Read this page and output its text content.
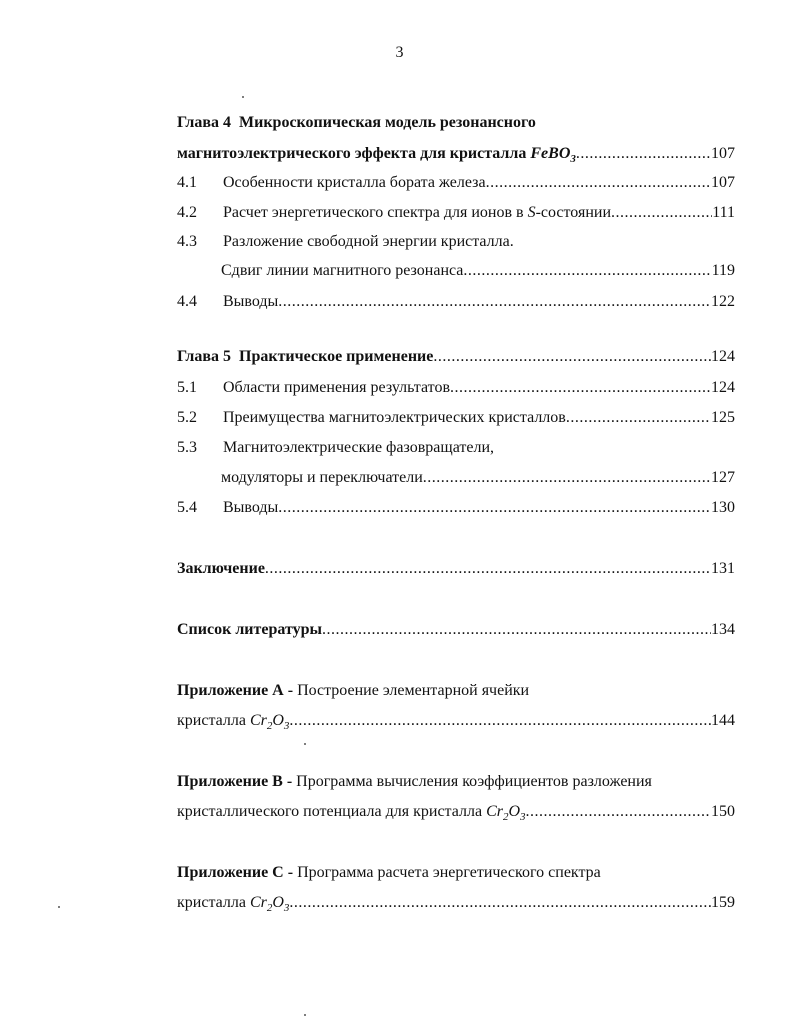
3
Глава 4 Микроскопическая модель резонансного
магнитоэлектрического эффекта для кристалла FeBO$_3$ .....	107
4.1	Особенности кристалла бората железа .....	107
4.2	Расчет энергетического спектра для ионов в S-состоянии .....	111
4.3	Разложение свободной энергии кристалла.
Сдвиг линии магнитного резонанса .....	119
4.4	Выводы .....	122
Глава 5 Практическое применение .....	124
5.1	Области применения результатов .....	124
5.2	Преимущества магнитоэлектрических кристаллов .....	125
5.3	Магнитоэлектрические фазовращатели,
модуляторы и переключатели .....	127
5.4	Выводы .....	130
Заключение .....	131
Список литературы .....	134
Приложение А - Построение элементарной ячейки
кристалла $Cr_2O_3$ .....	144
Приложение В - Программа вычисления коэффициентов разложения
кристаллического потенциала для кристалла $Cr_2O_3$ .....	150
Приложение С - Программа расчета энергетического спектра
кристалла $Cr_2O_3$ .....	159
